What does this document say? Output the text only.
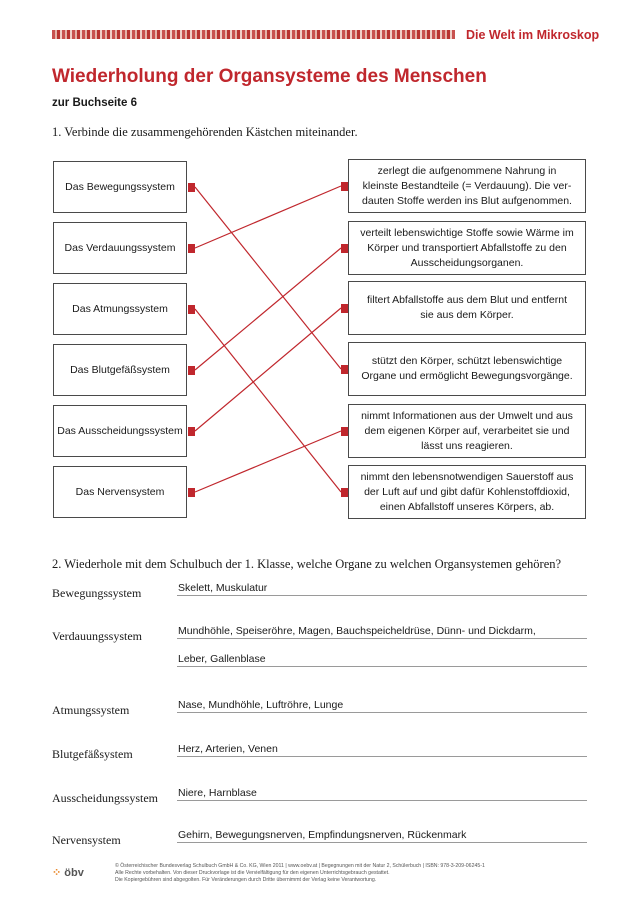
Die Welt im Mikroskop
Wiederholung der Organsysteme des Menschen
zur Buchseite 6
1. Verbinde die zusammengehörenden Kästchen miteinander.
Das Bewegungssystem
Das Verdauungssystem
Das Atmungssystem
Das Blutgefäßsystem
Das Ausscheidungssystem
Das Nervensystem
zerlegt die aufgenommene Nahrung in
kleinste Bestandteile (= Verdauung). Die ver-
dauten Stoffe werden ins Blut aufgenommen.
verteilt lebenswichtige Stoffe sowie Wärme im
Körper und transportiert Abfallstoffe zu den
Ausscheidungsorganen.
filtert Abfallstoffe aus dem Blut und entfernt
sie aus dem Körper.
stützt den Körper, schützt lebenswichtige
Organe und ermöglicht Bewegungsvorgänge.
nimmt Informationen aus der Umwelt und aus
dem eigenen Körper auf, verarbeitet sie und
lässt uns reagieren.
nimmt den lebensnotwendigen Sauerstoff aus
der Luft auf und gibt dafür Kohlenstoffdioxid,
einen Abfallstoff unseres Körpers, ab.
2. Wiederhole mit dem Schulbuch der 1. Klasse, welche Organe zu welchen Organsystemen gehören?
Bewegungssystem	Skelett, Muskulatur
Verdauungssystem	Mundhöhle, Speiseröhre, Magen, Bauchspeicheldrüse, Dünn- und Dickdarm,
Leber, Gallenblase
Atmungssystem	Nase, Mundhöhle, Luftröhre, Lunge
Blutgefäßsystem	Herz, Arterien, Venen
Ausscheidungssystem Niere, Harnblase
Nervensystem	Gehirn, Bewegungsnerven, Empfindungsnerven, Rückenmark
⁘ öbv
© Österreichischer Bundesverlag Schulbuch GmbH & Co. KG, Wien 2011 | www.oebv.at | Begegnungen mit der Natur 2, Schülerbuch | ISBN: 978-3-209-06245-1
Alle Rechte vorbehalten. Von dieser Druckvorlage ist die Vervielfältigung für den eigenen Unterrichtsgebrauch gestattet.
Die Kopiergebühren sind abgegolten. Für Veränderungen durch Dritte übernimmt der Verlag keine Verantwortung.
